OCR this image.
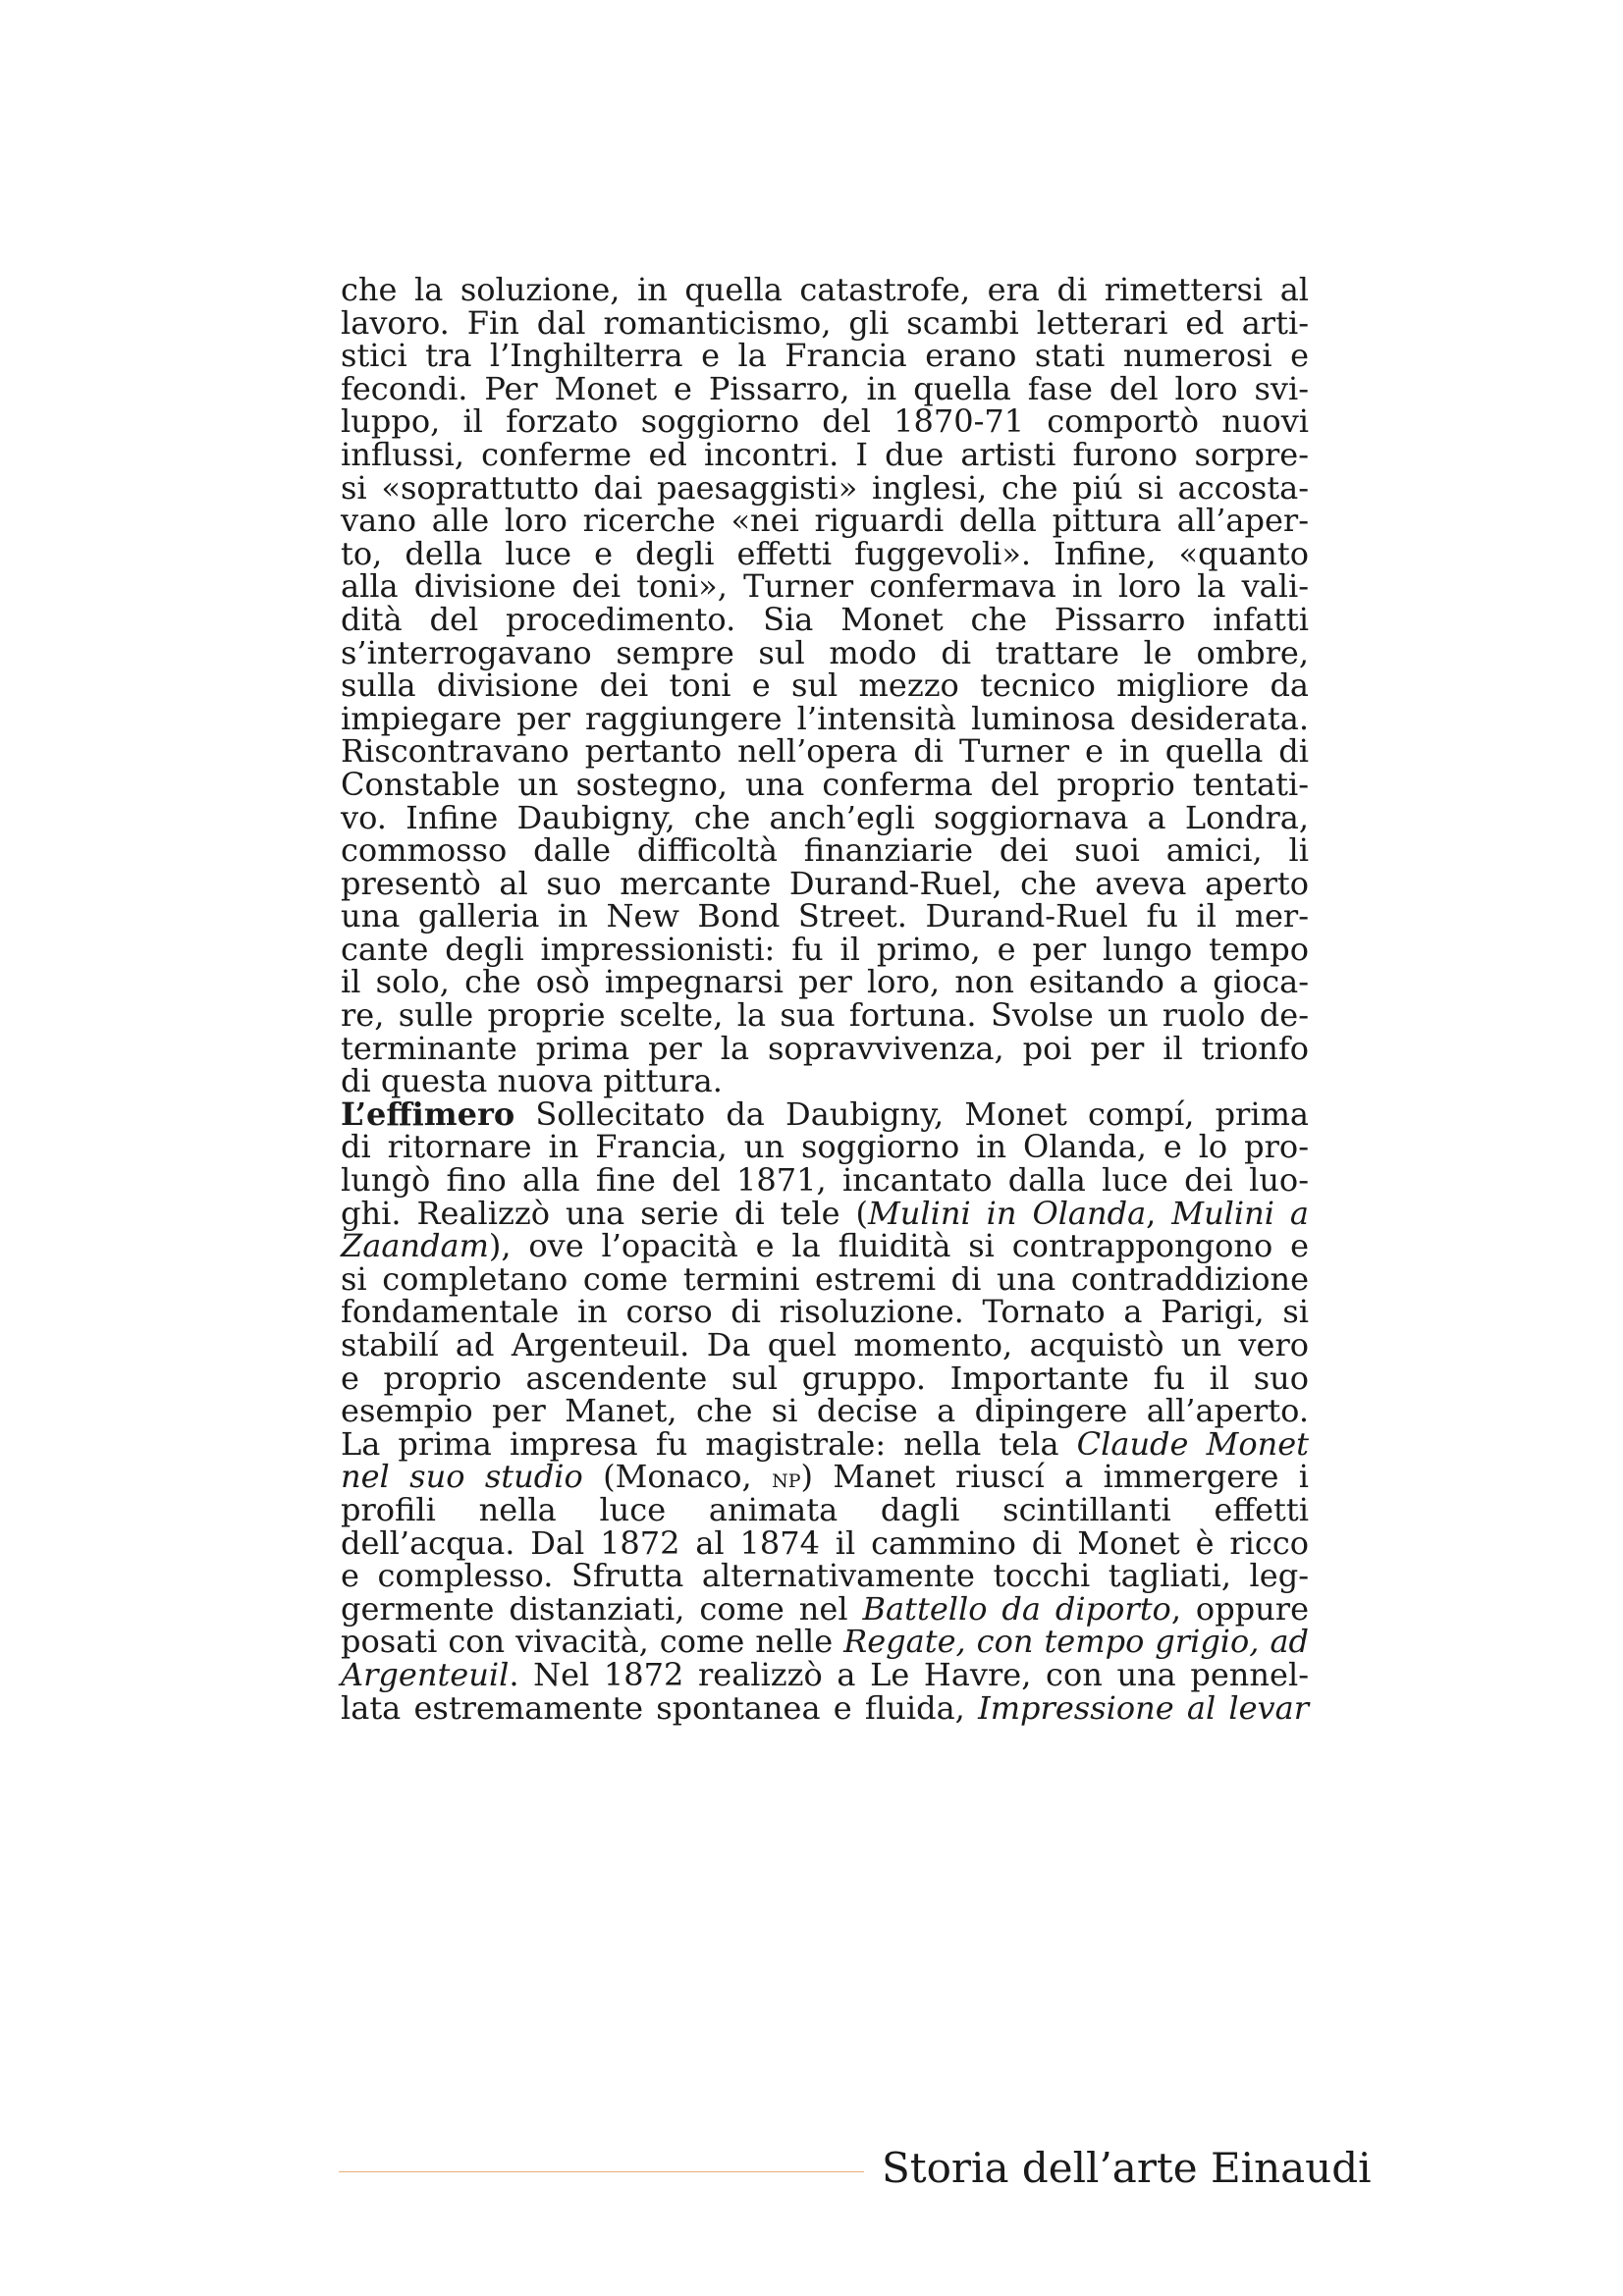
che la soluzione, in quella catastrofe, era di rimettersi al
lavoro. Fin dal romanticismo, gli scambi letterari ed arti-
stici tra l’Inghilterra e la Francia erano stati numerosi e
fecondi. Per Monet e Pissarro, in quella fase del loro svi-
luppo, il forzato soggiorno del 1870-71 comportò nuovi
influssi, conferme ed incontri. I due artisti furono sorpre-
si «soprattutto dai paesaggisti» inglesi, che piú si accosta-
vano alle loro ricerche «nei riguardi della pittura all’aper-
to, della luce e degli effetti fuggevoli». Infine, «quanto
alla divisione dei toni», Turner confermava in loro la vali-
dità del procedimento. Sia Monet che Pissarro infatti
s’interrogavano sempre sul modo di trattare le ombre,
sulla divisione dei toni e sul mezzo tecnico migliore da
impiegare per raggiungere l’intensità luminosa desiderata.
Riscontravano pertanto nell’opera di Turner e in quella di
Constable un sostegno, una conferma del proprio tentati-
vo. Infine Daubigny, che anch’egli soggiornava a Londra,
commosso dalle difficoltà finanziarie dei suoi amici, li
presentò al suo mercante Durand-Ruel, che aveva aperto
una galleria in New Bond Street. Durand-Ruel fu il mer-
cante degli impressionisti: fu il primo, e per lungo tempo
il solo, che osò impegnarsi per loro, non esitando a gioca-
re, sulle proprie scelte, la sua fortuna. Svolse un ruolo de-
terminante prima per la sopravvivenza, poi per il trionfo
di questa nuova pittura.
L’effimero Sollecitato da Daubigny, Monet compí, prima
di ritornare in Francia, un soggiorno in Olanda, e lo pro-
lungò fino alla fine del 1871, incantato dalla luce dei luo-
ghi. Realizzò una serie di tele (Mulini in Olanda, Mulini a
Zaandam), ove l’opacità e la fluidità si contrappongono e
si completano come termini estremi di una contraddizione
fondamentale in corso di risoluzione. Tornato a Parigi, si
stabilí ad Argenteuil. Da quel momento, acquistò un vero
e proprio ascendente sul gruppo. Importante fu il suo
esempio per Manet, che si decise a dipingere all’aperto.
La prima impresa fu magistrale: nella tela Claude Monet
nel suo studio (Monaco, np) Manet riuscí a immergere i
profili nella luce animata dagli scintillanti effetti
dell’acqua. Dal 1872 al 1874 il cammino di Monet è ricco
e complesso. Sfrutta alternativamente tocchi tagliati, leg-
germente distanziati, come nel Battello da diporto, oppure
posati con vivacità, come nelle Regate, con tempo grigio, ad
Argenteuil. Nel 1872 realizzò a Le Havre, con una pennel-
lata estremamente spontanea e fluida, Impressione al levar
Storia dell’arte Einaudi
